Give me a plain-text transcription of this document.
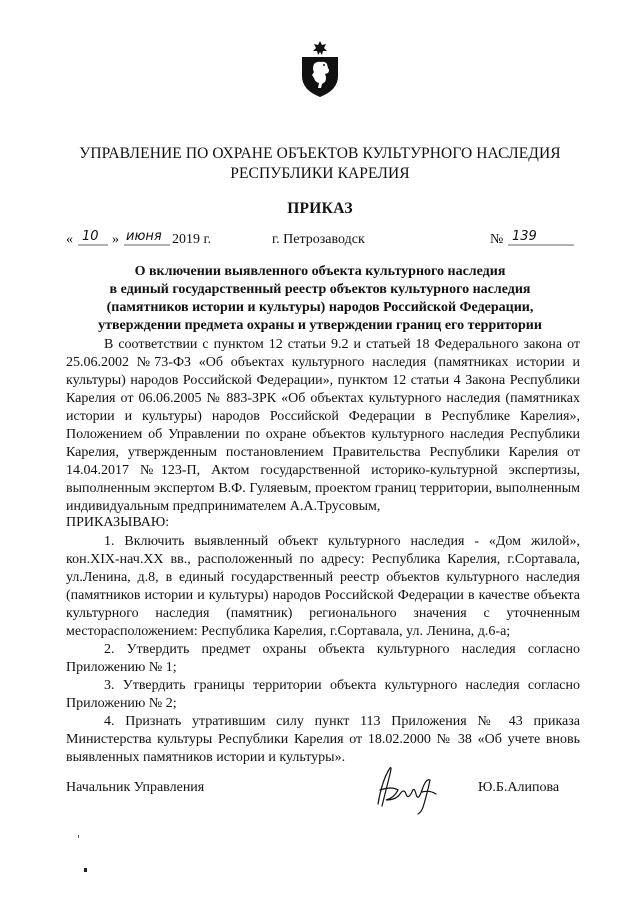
УПРАВЛЕНИЕ ПО ОХРАНЕ ОБЪЕКТОВ КУЛЬТУРНОГО НАСЛЕДИЯ
РЕСПУБЛИКИ КАРЕЛИЯ
ПРИКАЗ
« 10 » июня 2019 г.	г. Петрозаводск	№ 139
О включении выявленного объекта культурного наследия
в единый государственный реестр объектов культурного наследия
(памятников истории и культуры) народов Российской Федерации,
утверждении предмета охраны и утверждении границ его территории

В соответствии с пунктом 12 статьи 9.2 и статьей 18 Федерального закона от 25.06.2002 №73-ФЗ «Об объектах культурного наследия (памятниках истории и культуры) народов Российской Федерации», пунктом 12 статьи 4 Закона Республики Карелия от 06.06.2005 № 883-ЗРК «Об объектах культурного наследия (памятниках истории и культуры) народов Российской Федерации в Республике Карелия», Положением об Управлении по охране объектов культурного наследия Республики Карелия, утвержденным постановлением Правительства Республики Карелия от 14.04.2017 №123-П, Актом государственной историко-культурной экспертизы, выполненным экспертом В.Ф. Гуляевым, проектом границ территории, выполненным индивидуальным предпринимателем А.А.Трусовым,

ПРИКАЗЫВАЮ:

1. Включить выявленный объект культурного наследия - «Дом жилой», кон.XIX-нач.XX вв., расположенный по адресу: Республика Карелия, г.Сортавала, ул.Ленина, д.8, в единый государственный реестр объектов культурного наследия (памятников истории и культуры) народов Российской Федерации в качестве объекта культурного наследия (памятник) регионального значения с уточненным месторасположением: Республика Карелия, г.Сортавала, ул. Ленина, д.6-а;

2. Утвердить предмет охраны объекта культурного наследия согласно Приложению № 1;

3. Утвердить границы территории объекта культурного наследия согласно Приложению № 2;

4. Признать утратившим силу пункт 113 Приложения № 43 приказа Министерства культуры Республики Карелия от 18.02.2000 № 38 «Об учете вновь выявленных памятников истории и культуры».

Начальник Управления	Ю.Б.Алипова
